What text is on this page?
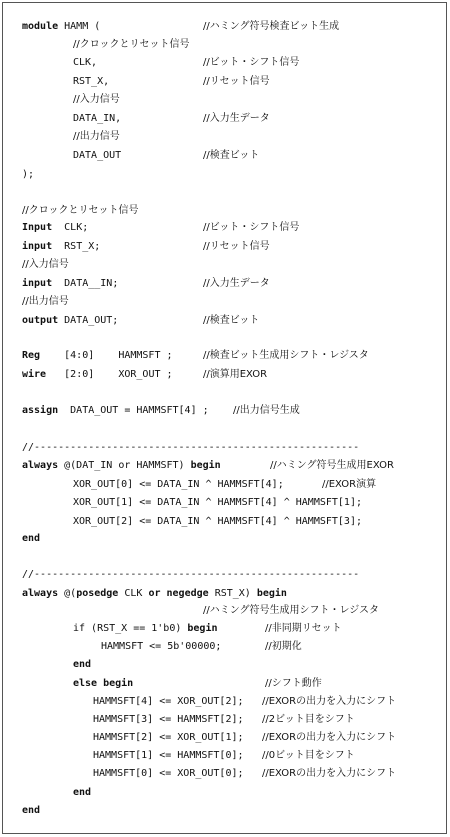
module HAMM (	//ハミング符号検査ビット生成
//クロックとリセット信号
CLK,	//ビット・シフト信号
RST_X,	//リセット信号
//入力信号
DATA_IN,	//入力生データ
//出力信号
DATA_OUT	//検査ビット
);
//クロックとリセット信号
Input  CLK;	//ビット・シフト信号
input  RST_X;	//リセット信号
//入力信号
input  DATA__IN;	//入力生データ
//出力信号
output DATA_OUT;	//検査ビット
Reg    [4:0]    HAMMSFT ;	//検査ビット生成用シフト・レジスタ
wire   [2:0]    XOR_OUT ;	//演算用EXOR
assign  DATA_OUT = HAMMSFT[4] ; //出力信号生成
//------------------------------------------------------
always @(DAT_IN or HAMMSFT) begin	//ハミング符号生成用EXOR
XOR_OUT[0] <= DATA_IN ^ HAMMSFT[4];	//EXOR演算
XOR_OUT[1] <= DATA_IN ^ HAMMSFT[4] ^ HAMMSFT[1];
XOR_OUT[2] <= DATA_IN ^ HAMMSFT[4] ^ HAMMSFT[3];
end
//------------------------------------------------------
always @(posedge CLK or negedge RST_X) begin
//ハミング符号生成用シフト・レジスタ
if (RST_X == 1'b0) begin	//非同期リセット
HAMMSFT <= 5b'00000;	//初期化
end
else begin	//シフト動作
HAMMSFT[4] <= XOR_OUT[2]; //EXORの出力を入力にシフト
HAMMSFT[3] <= HAMMSFT[2]; //2ビット目をシフト
HAMMSFT[2] <= XOR_OUT[1]; //EXORの出力を入力にシフト
HAMMSFT[1] <= HAMMSFT[0]; //0ビット目をシフト
HAMMSFT[0] <= XOR_OUT[0]; //EXORの出力を入力にシフト
end
end
